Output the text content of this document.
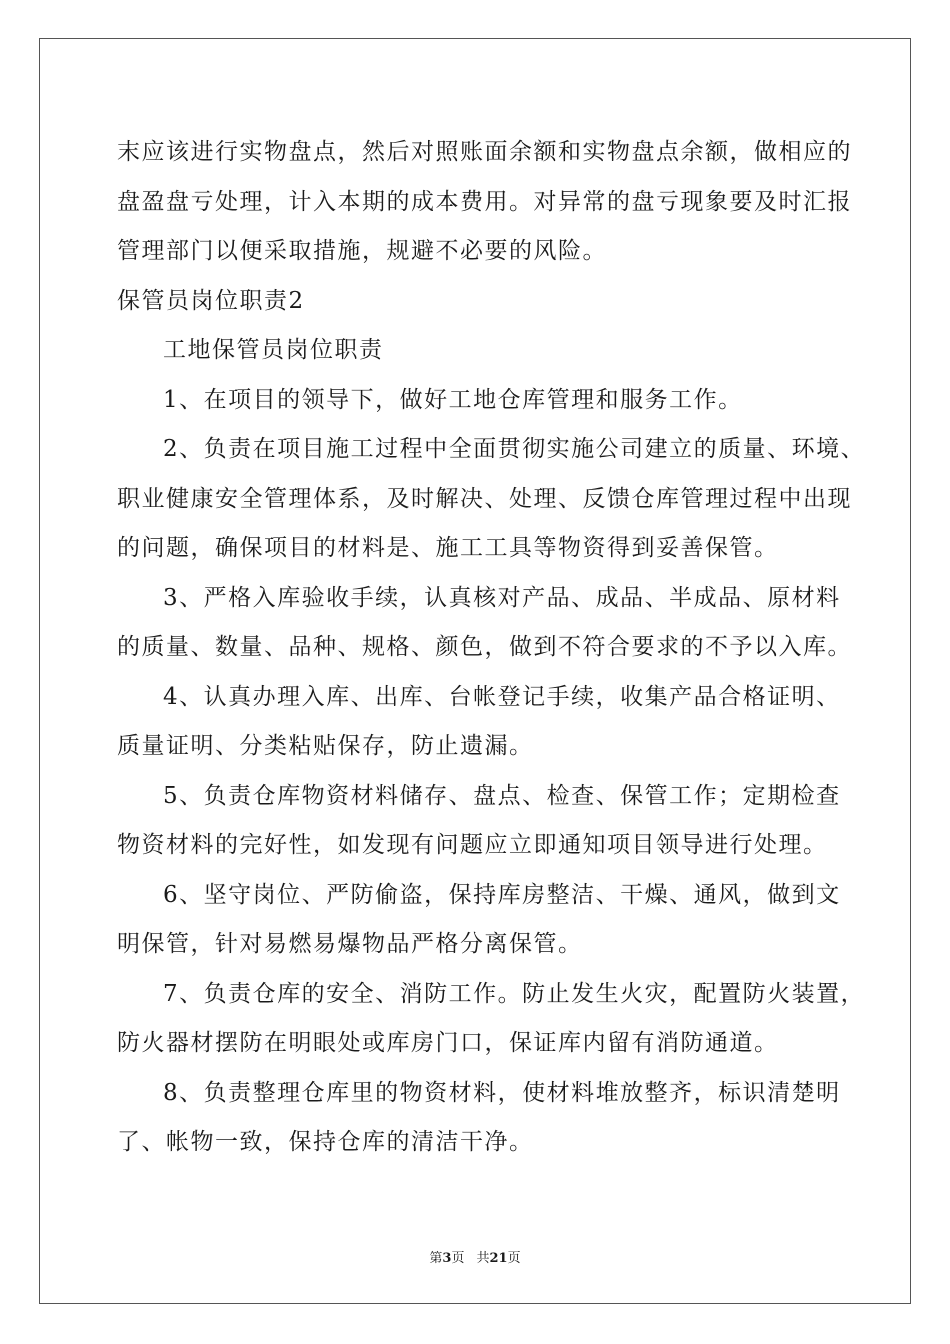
末应该进行实物盘点，然后对照账面余额和实物盘点余额，做相应的
盘盈盘亏处理，计入本期的成本费用。对异常的盘亏现象要及时汇报
管理部门以便采取措施，规避不必要的风险。
保管员岗位职责2
工地保管员岗位职责
1、在项目的领导下，做好工地仓库管理和服务工作。
2、负责在项目施工过程中全面贯彻实施公司建立的质量、环境、
职业健康安全管理体系，及时解决、处理、反馈仓库管理过程中出现
的问题，确保项目的材料是、施工工具等物资得到妥善保管。
3、严格入库验收手续，认真核对产品、成品、半成品、原材料
的质量、数量、品种、规格、颜色，做到不符合要求的不予以入库。
4、认真办理入库、出库、台帐登记手续，收集产品合格证明、
质量证明、分类粘贴保存，防止遗漏。
5、负责仓库物资材料储存、盘点、检查、保管工作；定期检查
物资材料的完好性，如发现有问题应立即通知项目领导进行处理。
6、坚守岗位、严防偷盗，保持库房整洁、干燥、通风，做到文
明保管，针对易燃易爆物品严格分离保管。
7、负责仓库的安全、消防工作。防止发生火灾，配置防火装置，
防火器材摆防在明眼处或库房门口，保证库内留有消防通道。
8、负责整理仓库里的物资材料，使材料堆放整齐，标识清楚明
了、帐物一致，保持仓库的清洁干净。
第3页 共21页
